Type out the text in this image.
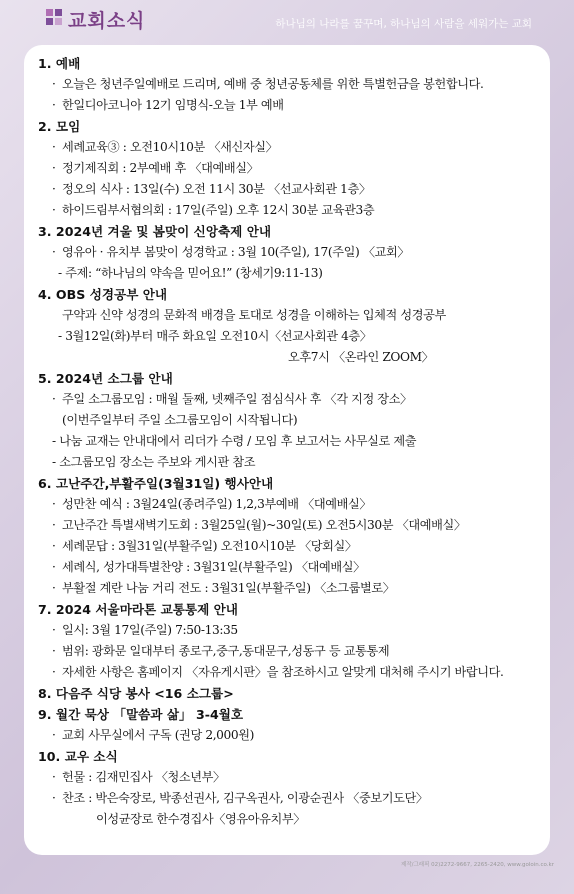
교회소식	하나님의 나라를 꿈꾸며, 하나님의 사람을 세워가는 교회
1. 예배
· 오늘은 청년주일예배로 드리며, 예배 중 청년공동체를 위한 특별헌금을 봉헌합니다.
· 한일디아코니아 12기 임명식-오늘 1부 예배
2. 모임
· 세례교육③ : 오전10시10분 〈새신자실〉
· 정기제직회 : 2부예배 후 〈대예배실〉
· 정오의 식사 : 13일(수) 오전 11시 30분 〈선교사회관 1층〉
· 하이드림부서협의회 : 17일(주일) 오후 12시 30분 교육관3층
3. 2024년 겨울 및 봄맞이 신앙축제 안내
· 영유아 · 유치부 봄맞이 성경학교 : 3월 10(주일), 17(주일) 〈교회〉
- 주제: “하나님의 약속을 믿어요!” (창세기9:11-13)
4. OBS 성경공부 안내
구약과 신약 성경의 문화적 배경을 토대로 성경을 이해하는 입체적 성경공부
- 3월12일(화)부터 매주 화요일 오전10시〈선교사회관 4층〉
오후7시 〈온라인 ZOOM〉
5. 2024년 소그룹 안내
· 주일 소그룹모임 : 매월 둘째, 넷째주일 점심식사 후 〈각 지정 장소〉
(이번주일부터 주일 소그룹모임이 시작됩니다)
- 나눔 교재는 안내대에서 리더가 수령 / 모임 후 보고서는 사무실로 제출
- 소그룹모임 장소는 주보와 게시판 참조
6. 고난주간,부활주일(3월31일) 행사안내
· 성만찬 예식 : 3월24일(종려주일) 1,2,3부예배 〈대예배실〉
· 고난주간 특별새벽기도회 : 3월25일(월)~30일(토) 오전5시30분 〈대예배실〉
· 세례문답 : 3월31일(부활주일) 오전10시10분 〈당회실〉
· 세례식, 성가대특별찬양 : 3월31일(부활주일) 〈대예배실〉
· 부활절 계란 나눔 거리 전도 : 3월31일(부활주일) 〈소그룹별로〉
7. 2024 서울마라톤 교통통제 안내
· 일시: 3월 17일(주일) 7:50-13:35
· 범위: 광화문 일대부터 종로구,중구,동대문구,성동구 등 교통통제
· 자세한 사항은 홈페이지 〈자유게시판〉을 참조하시고 알맞게 대처해 주시기 바랍니다.
8. 다음주 식당 봉사 <16 소그룹>
9. 월간 묵상 「말씀과 삶」 3-4월호
· 교회 사무실에서 구독 (권당 2,000원)
10. 교우 소식
· 헌물 : 김재민집사 〈청소년부〉
· 찬조 : 박은숙장로, 박종선권사, 김구옥권사, 이광순권사 〈중보기도단〉
이성균장로 한수경집사〈영유아유치부〉
제작/그래픽 02)2272-9667, 2265-2420, www.goloin.co.kr
